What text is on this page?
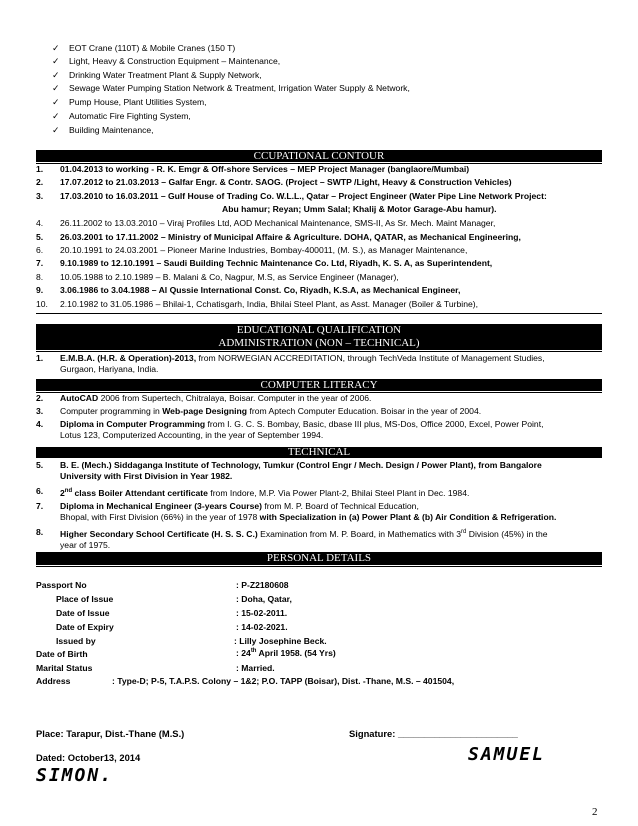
✓ EOT Crane (110T) & Mobile Cranes (150 T)
✓ Light, Heavy & Construction Equipment – Maintenance,
✓ Drinking Water Treatment Plant & Supply Network,
✓ Sewage Water Pumping Station Network & Treatment, Irrigation Water Supply & Network,
✓ Pump House, Plant Utilities System,
✓ Automatic Fire Fighting System,
✓ Building Maintenance,
CCUPATIONAL CONTOUR
1.	01.04.2013 to working - R. K. Emgr & Off-shore Services – MEP Project Manager (banglaore/Mumbai)
2.	17.07.2012 to 21.03.2013 – Galfar Engr. & Contr. SAOG. (Project – SWTP /Light, Heavy & Construction Vehicles)
3.	17.03.2010 to 16.03.2011 – Gulf House of Trading Co. W.L.L., Qatar – Project Engineer (Water Pipe Line Network Project:
Abu hamur; Reyan; Umm Salal; Khalij & Motor Garage-Abu hamur).
4.	26.11.2002 to 13.03.2010 – Viraj Profiles Ltd, AOD Mechanical Maintenance, SMS-II, As Sr. Mech. Maint Manager,
5.	26.03.2001 to 17.11.2002 – Ministry of Municipal Affaire & Agriculture. DOHA, QATAR, as Mechanical Engineering,
6.	20.10.1991 to 24.03.2001 – Pioneer Marine Industries, Bombay-400011, (M. S.), as Manager Maintenance,
7.	9.10.1989 to 12.10.1991 – Saudi Building Technic Maintenance Co. Ltd, Riyadh, K. S. A, as Superintendent,
8.	10.05.1988 to 2.10.1989 – B. Malani & Co, Nagpur, M.S, as Service Engineer (Manager),
9.	3.06.1986 to 3.04.1988 – Al Qussie International Const. Co, Riyadh, K.S.A, as Mechanical Engineer,
10.	2.10.1982 to 31.05.1986 – Bhilai-1, Cchatisgarh, India, Bhilai Steel Plant, as Asst. Manager (Boiler & Turbine),
EDUCATIONAL QUALIFICATION
ADMINISTRATION (NON – TECHNICAL)
1.	E.M.B.A. (H.R. & Operation)-2013, from NORWEGIAN ACCREDITATION, through TechVeda Institute of Management Studies,
Gurgaon, Hariyana, India.
COMPUTER LITERACY
2.	AutoCAD 2006 from Supertech, Chitralaya, Boisar. Computer in the year of 2006.
3.	Computer programming in Web-page Designing from Aptech Computer Education. Boisar in the year of 2004.
4.	Diploma in Computer Programming from I. G. C. S. Bombay, Basic, dbase III plus, MS-Dos, Office 2000, Excel, Power Point,
Lotus 123, Computerized Accounting, in the year of September 1994.
TECHNICAL
5.	B. E. (Mech.) Siddaganga Institute of Technology, Tumkur (Control Engr / Mech. Design / Power Plant), from Bangalore
University with First Division in Year 1982.
6.	2nd class Boiler Attendant certificate from Indore, M.P. Via Power Plant-2, Bhilai Steel Plant in Dec. 1984.
7.	Diploma in Mechanical Engineer (3-years Course) from M. P. Board of Technical Education,
Bhopal, with First Division (66%) in the year of 1978 with Specialization in (a) Power Plant & (b) Air Condition & Refrigeration.
8.	Higher Secondary School Certificate (H. S. S. C.) Examination from M. P. Board, in Mathematics with 3rd Division (45%) in the
year of 1975.
PERSONAL DETAILS
Passport No	: P-Z2180608
Place of Issue	: Doha, Qatar,
Date of Issue	: 15-02-2011.
Date of Expiry	: 14-02-2021.
Issued by	: Lilly Josephine Beck.
Date of Birth	: 24th April 1958. (54 Yrs)
Marital Status	: Married.
Address	: Type-D; P-5, T.A.P.S. Colony – 1&2; P.O. TAPP (Boisar), Dist. -Thane, M.S. – 401504,
Place: Tarapur, Dist.-Thane (M.S.)	Signature: _______________________
Dated: October13, 2014	SAMUEL
SIMON.
2
